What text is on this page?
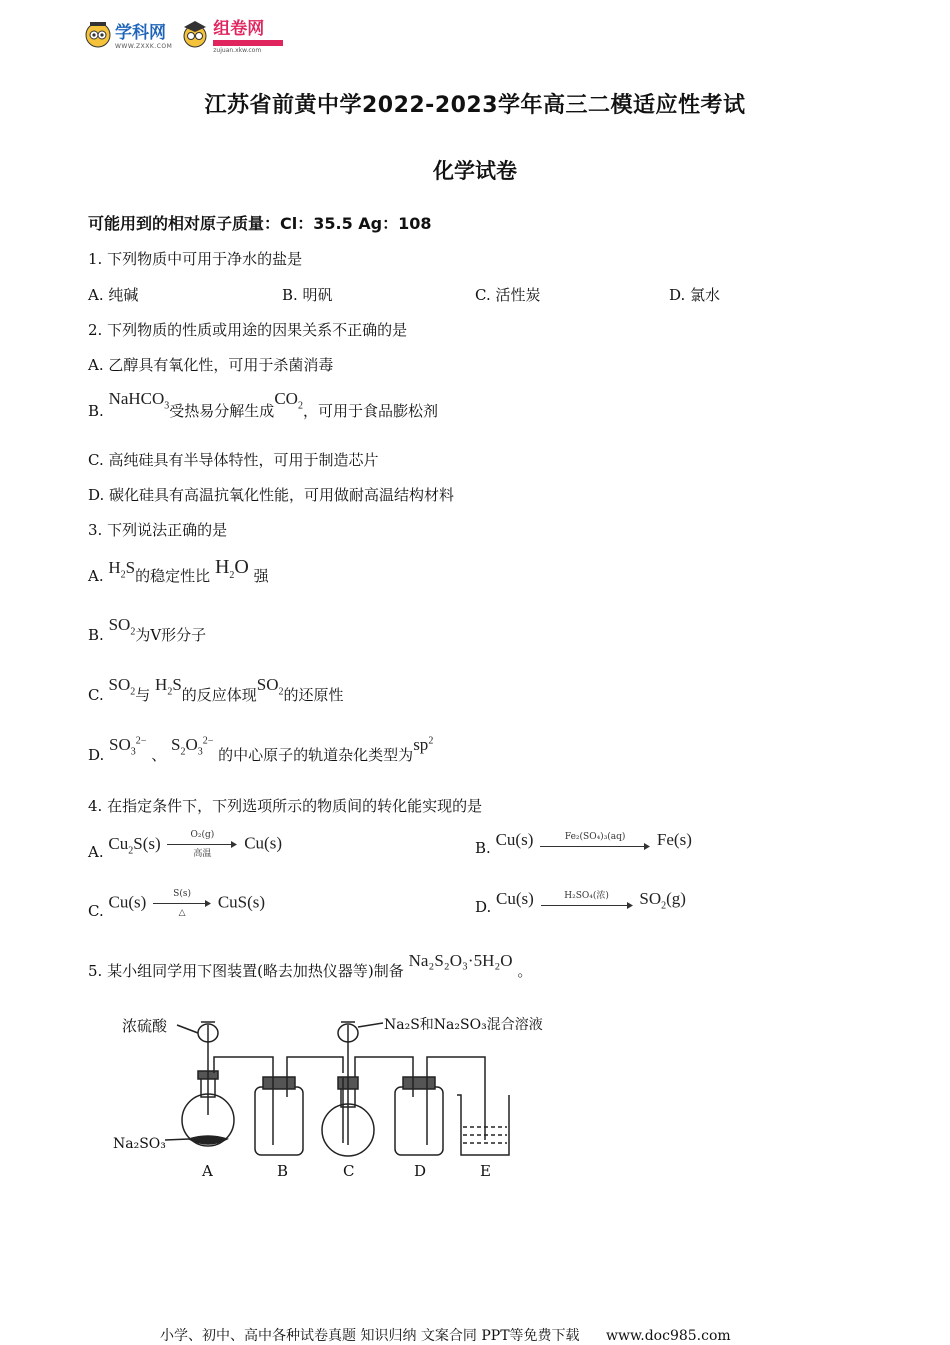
学科网
WWW.ZXXK.COM
组卷网
zujuan.xkw.com
江苏省前黄中学2022-2023学年高三二模适应性考试
化学试卷
可能用到的相对原子质量：Cl：35.5 Ag：108
1. 下列物质中可用于净水的盐是
A. 纯碱	B. 明矾	C. 活性炭	D. 氯水
2. 下列物质的性质或用途的因果关系不正确的是
A. 乙醇具有氧化性，可用于杀菌消毒
B. NaHCO$_3$受热易分解生成$CO_2$，可用于食品膨松剂
C. 高纯硅具有半导体特性，可用于制造芯片
D. 碳化硅具有高温抗氧化性能，可用做耐高温结构材料
3. 下列说法正确的是
A. $H_2S$的稳定性比 $H_2O$ 强
B. $SO_2$为V形分子
C. $SO_2$与 $H_2S$的反应体现$SO_2$的还原性
D. $SO_3^{2-}$ 、 $S_2O_3^{2-}$ 的中心原子的轨道杂化类型为$sp^2$
4. 在指定条件下，下列选项所示的物质间的转化能实现的是
A. $Cu_2S(s)$	O₂(g)
高温
Cu(s)	B. Cu(s)	Fe₂(SO₄)₃(aq) Fe(s)
C. Cu(s)	S(s)
△
CuS(s)	D. Cu(s)	H₂SO₄(浓) $SO_2(g)$
5. 某小组同学用下图装置(略去加热仪器等)制备 Na₂S₂O₃·5H₂O 。
浓硫酸	Na₂S和Na₂SO₃混合溶液
Na₂SO₃
A	B	C	D	E
小学、初中、高中各种试卷真题 知识归纳 文案合同 PPT等免费下载 www.doc985.com
